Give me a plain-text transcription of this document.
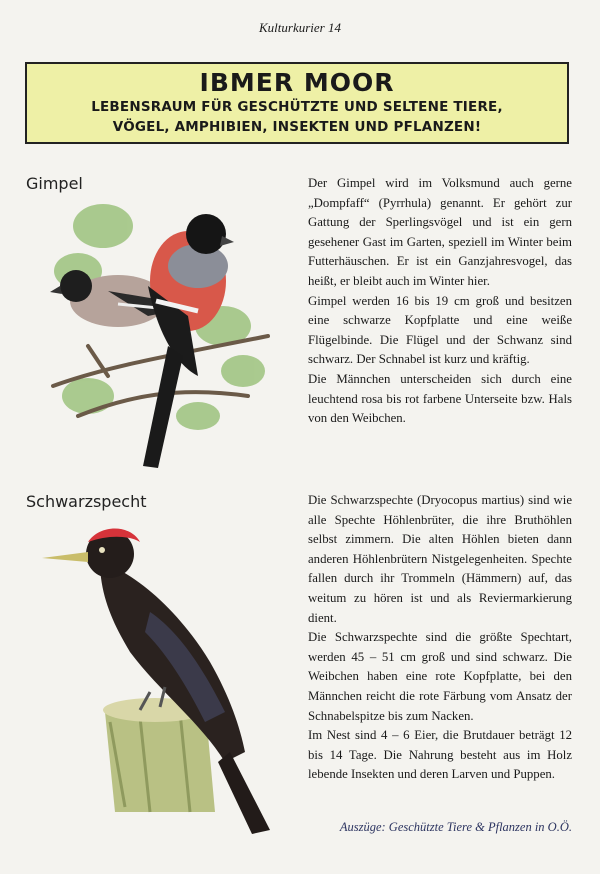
Kulturkurier 14
IBMER MOOR
LEBENSRAUM FÜR GESCHÜTZTE UND SELTENE TIERE,
VÖGEL, AMPHIBIEN, INSEKTEN UND PFLANZEN!
Gimpel	Der Gimpel wird im Volksmund auch gerne „Dompfaff“ (Pyrrhula) genannt. Er gehört zur Gattung der Sperlingsvögel und ist ein gern gesehener Gast im Garten, speziell im Winter beim Futterhäuschen. Er ist ein Ganzjahresvogel, das heißt, er bleibt auch im Winter hier.

Gimpel werden 16 bis 19 cm groß und besitzen eine schwarze Kopfplatte und eine weiße Flügelbinde. Die Flügel und der Schwanz sind schwarz. Der Schnabel ist kurz und kräftig.

Die Männchen unterscheiden sich durch eine leuchtend rosa bis rot farbene Unterseite bzw. Hals von den Weibchen.

Schwarzspecht	Die Schwarzspechte (Dryocopus martius) sind wie alle Spechte Höhlenbrüter, die ihre Bruthöhlen selbst zimmern. Die alten Höhlen bieten dann anderen Höhlenbrütern Nistgelegenheiten. Spechte fallen durch ihr Trommeln (Hämmern) auf, das weitum zu hören ist und als Reviermarkierung dient.

Die Schwarzspechte sind die größte Spechtart, werden 45 – 51 cm groß und sind schwarz. Die Weibchen haben eine rote Kopfplatte, bei den Männchen reicht die rote Färbung vom Ansatz der Schnabelspitze bis zum Nacken.

Im Nest sind 4 – 6 Eier, die Brutdauer beträgt 12 bis 14 Tage. Die Nahrung besteht aus im Holz lebende Insekten und deren Larven und Puppen.

Auszüge: Geschützte Tiere & Pflanzen in O.Ö.
